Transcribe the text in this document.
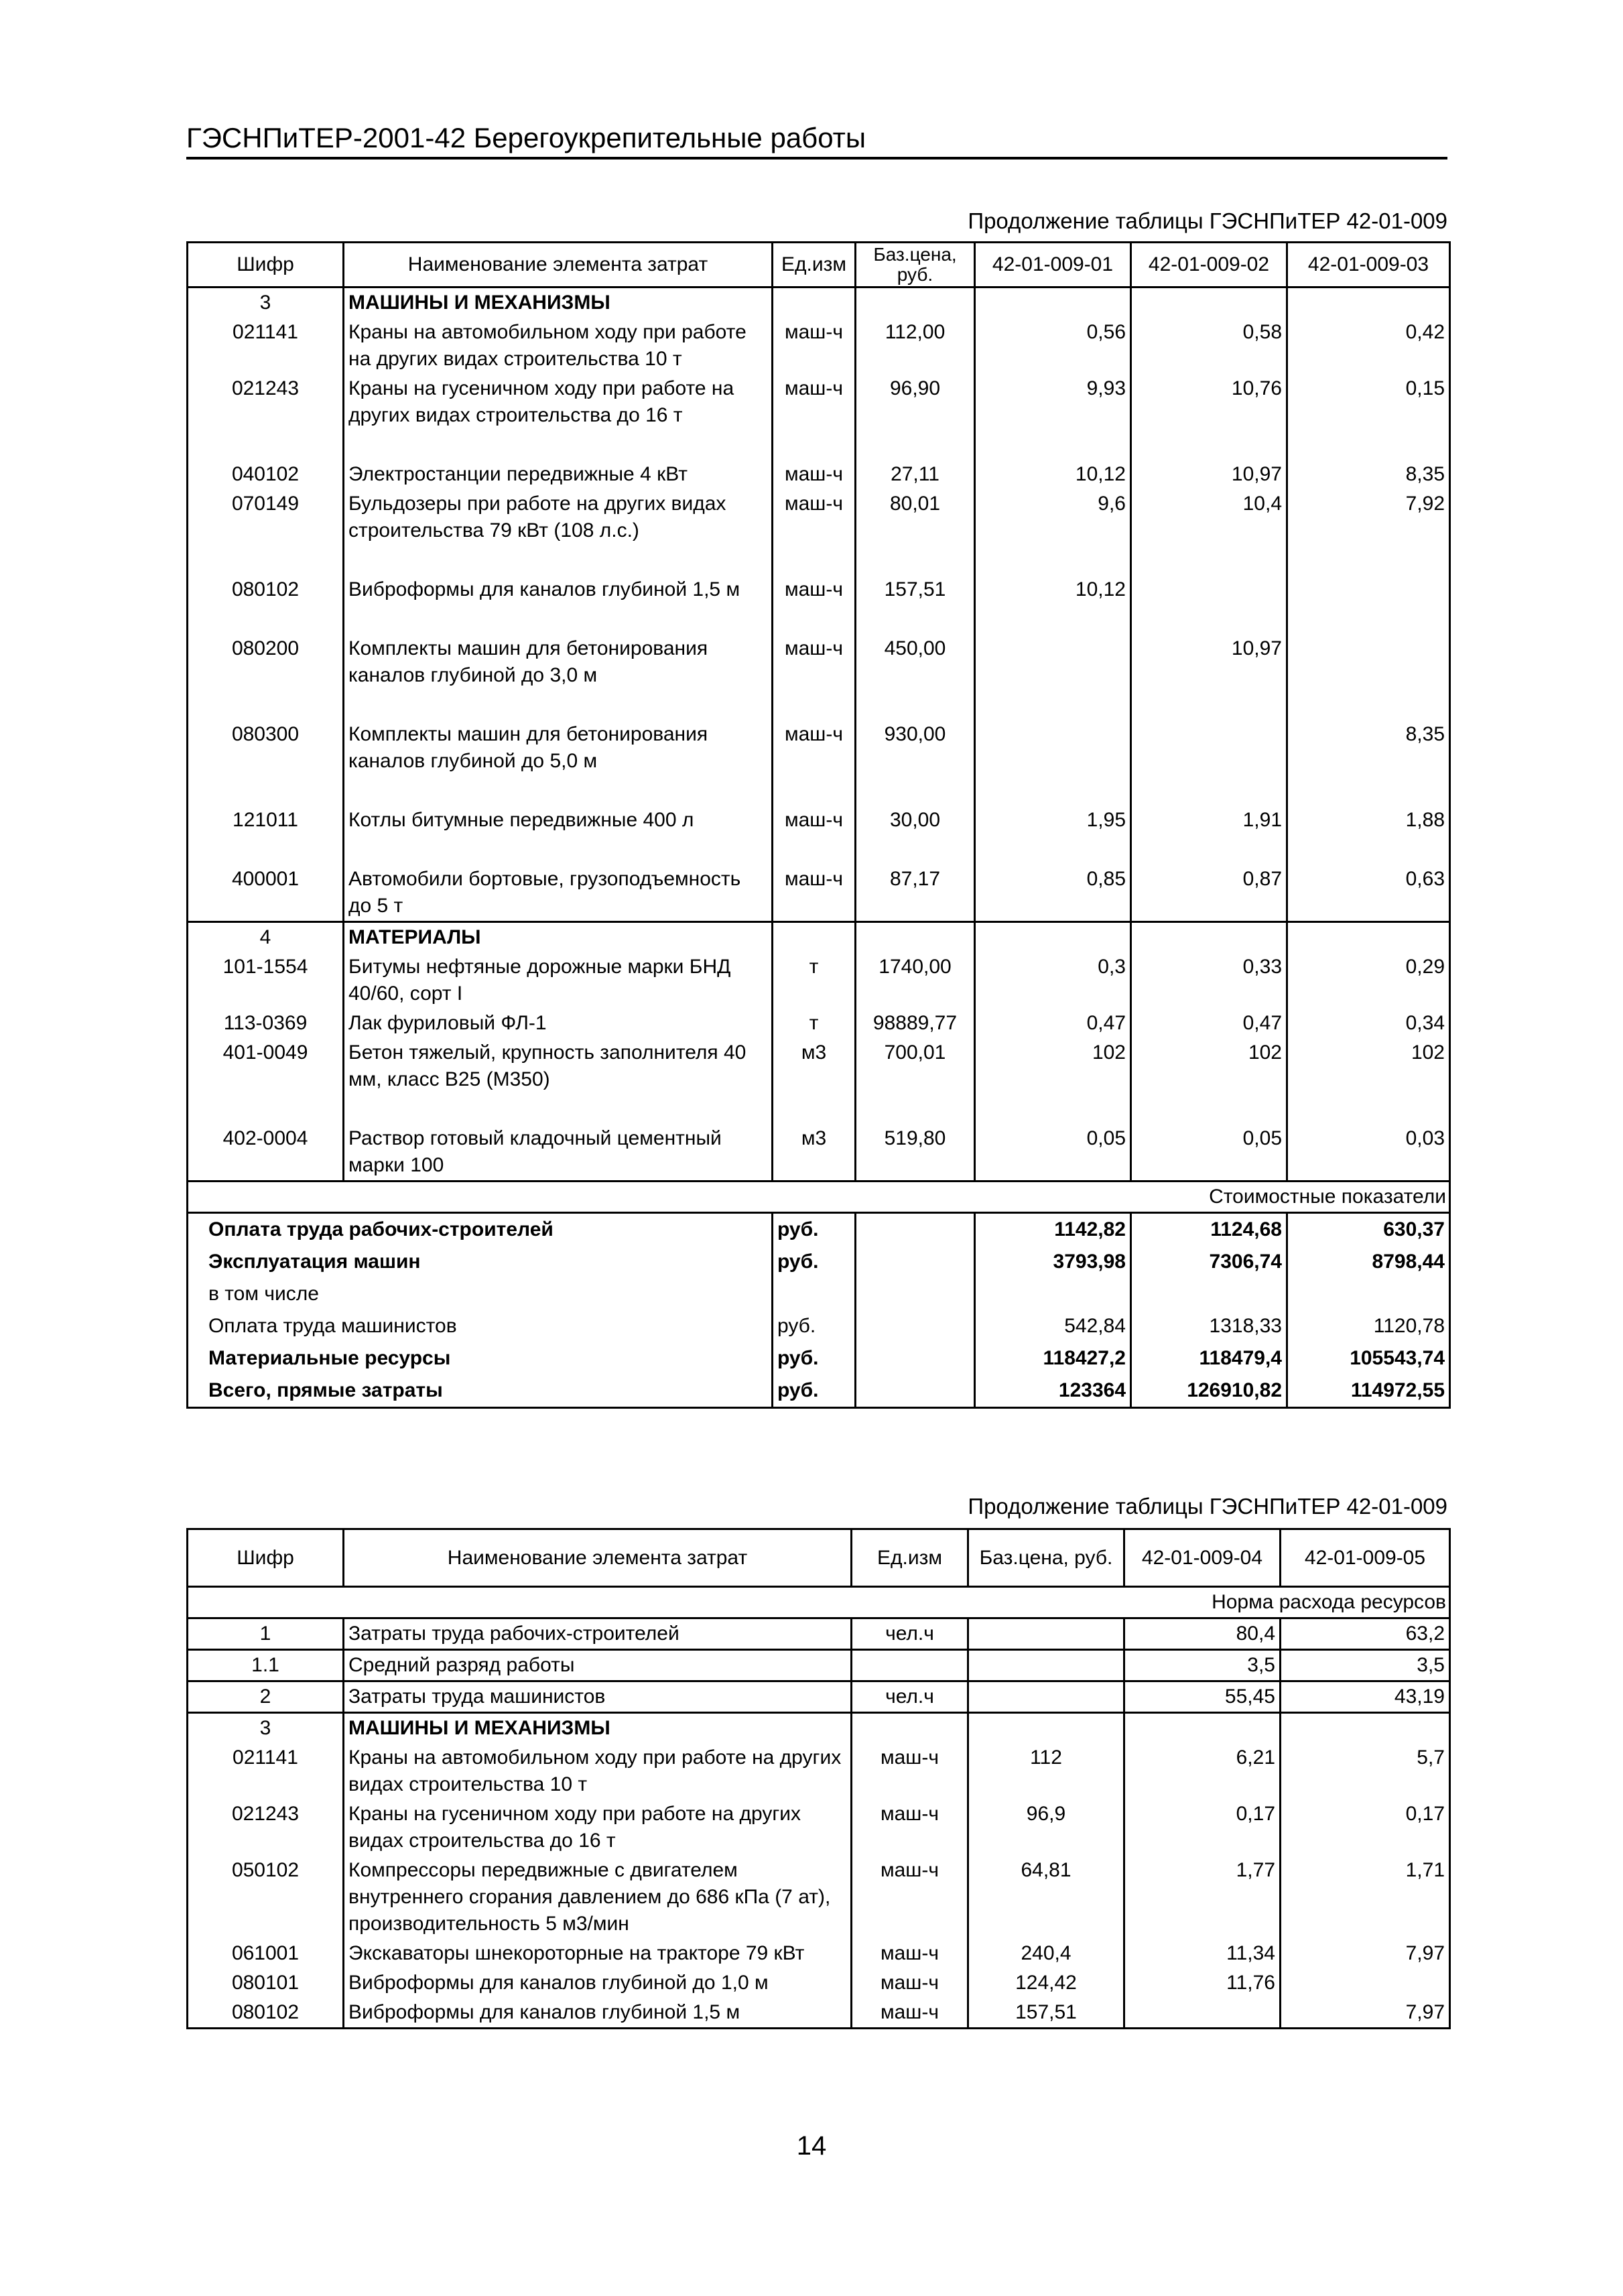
ГЭСНПиТЕР-2001-42 Берегоукрепительные работы
Продолжение таблицы ГЭСНПиТЕР 42-01-009
Шифр	Наименование элемента затрат	Ед.изм	Баз.цена, руб.	42-01-009-01	42-01-009-02	42-01-009-03
3	МАШИНЫ И МЕХАНИЗМЫ					
021141	Краны на автомобильном ходу при работе на других видах строительства 10 т	маш-ч	112,00	0,56	0,58	0,42
021243	Краны на гусеничном ходу при работе на других видах строительства до 16 т	маш-ч	96,90	9,93	10,76	0,15

040102	Электростанции передвижные 4 кВт	маш-ч	27,11	10,12	10,97	8,35
070149	Бульдозеры при работе на других видах строительства 79 кВт (108 л.с.)	маш-ч	80,01	9,6	10,4	7,92

080102	Виброформы для каналов глубиной 1,5 м	маш-ч	157,51	10,12		

080200	Комплекты машин для бетонирования каналов глубиной до 3,0 м	маш-ч	450,00		10,97	

080300	Комплекты машин для бетонирования каналов глубиной до 5,0 м	маш-ч	930,00			8,35

121011	Котлы битумные передвижные 400 л	маш-ч	30,00	1,95	1,91	1,88

400001	Автомобили бортовые, грузоподъемность до 5 т	маш-ч	87,17	0,85	0,87	0,63
4	МАТЕРИАЛЫ					
101-1554	Битумы нефтяные дорожные марки БНД 40/60, сорт I	т	1740,00	0,3	0,33	0,29
113-0369	Лак фуриловый ФЛ-1	т	98889,77	0,47	0,47	0,34
401-0049	Бетон тяжелый, крупность заполнителя 40 мм, класс В25 (М350)	м3	700,01	102	102	102

402-0004	Раствор готовый кладочный цементный марки 100	м3	519,80	0,05	0,05	0,03
Стоимостные показатели						
Оплата труда рабочих-строителей		руб.		1142,82	1124,68	630,37
Эксплуатация машин		руб.		3793,98	7306,74	8798,44
в том числе						
Оплата труда машинистов		руб.		542,84	1318,33	1120,78
Материальные ресурсы		руб.		118427,2	118479,4	105543,74
Всего, прямые затраты		руб.		123364	126910,82	114972,55
Продолжение таблицы ГЭСНПиТЕР 42-01-009
Шифр	Наименование элемента затрат	Ед.изм	Баз.цена, руб.	42-01-009-04	42-01-009-05
Норма расхода ресурсов					
1	Затраты труда рабочих-строителей	чел.ч		80,4	63,2
1.1	Средний разряд работы			3,5	3,5
2	Затраты труда машинистов	чел.ч		55,45	43,19
3	МАШИНЫ И МЕХАНИЗМЫ				
021141	Краны на автомобильном ходу при работе на других видах строительства 10 т	маш-ч	112	6,21	5,7
021243	Краны на гусеничном ходу при работе на других видах строительства до 16 т	маш-ч	96,9	0,17	0,17
050102	Компрессоры передвижные с двигателем внутреннего сгорания давлением до 686 кПа (7 ат), производительность 5 м3/мин	маш-ч	64,81	1,77	1,71
061001	Экскаваторы шнекороторные на тракторе 79 кВт	маш-ч	240,4	11,34	7,97
080101	Виброформы для каналов глубиной до 1,0 м	маш-ч	124,42	11,76	
080102	Виброформы для каналов глубиной 1,5 м	маш-ч	157,51		7,97
14
